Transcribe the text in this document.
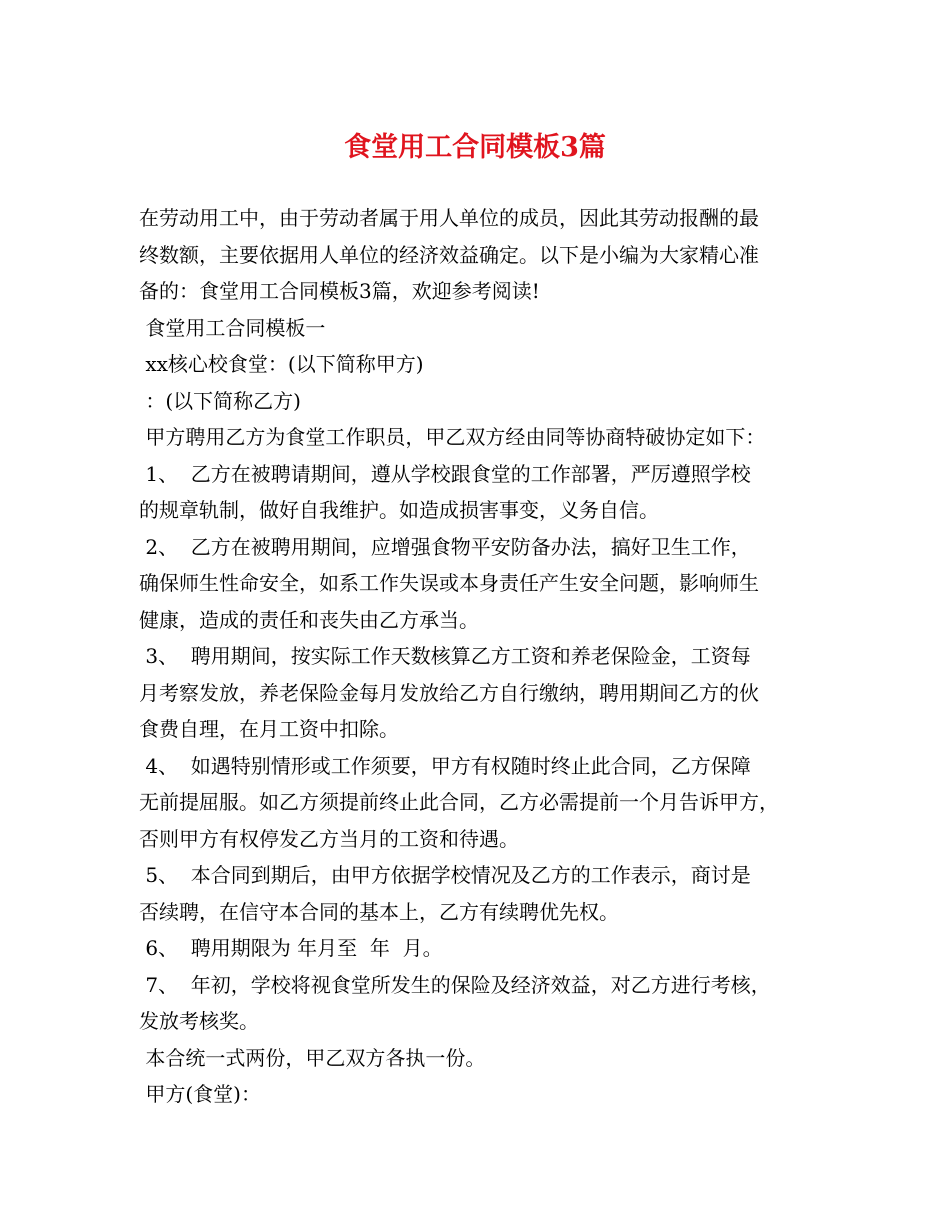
食堂用工合同模板3篇
在劳动用工中，由于劳动者属于用人单位的成员，因此其劳动报酬的最
终数额，主要依据用人单位的经济效益确定。以下是小编为大家精心准
备的：食堂用工合同模板3篇，欢迎参考阅读!
食堂用工合同模板一
xx核心校食堂：(以下简称甲方)
：(以下简称乙方)
甲方聘用乙方为食堂工作职员，甲乙双方经由同等协商特破协定如下：
1、  乙方在被聘请期间，遵从学校跟食堂的工作部署，严厉遵照学校
的规章轨制，做好自我维护。如造成损害事变，义务自信。
2、  乙方在被聘用期间，应增强食物平安防备办法，搞好卫生工作，
确保师生性命安全，如系工作失误或本身责任产生安全问题，影响师生
健康，造成的责任和丧失由乙方承当。
3、  聘用期间，按实际工作天数核算乙方工资和养老保险金，工资每
月考察发放，养老保险金每月发放给乙方自行缴纳，聘用期间乙方的伙
食费自理，在月工资中扣除。
4、  如遇特别情形或工作须要，甲方有权随时终止此合同，乙方保障
无前提屈服。如乙方须提前终止此合同，乙方必需提前一个月告诉甲方，
否则甲方有权停发乙方当月的工资和待遇。
5、  本合同到期后，由甲方依据学校情况及乙方的工作表示，商讨是
否续聘，在信守本合同的基本上，乙方有续聘优先权。
6、  聘用期限为 年月至  年  月。
7、  年初，学校将视食堂所发生的保险及经济效益，对乙方进行考核，
发放考核奖。
本合统一式两份，甲乙双方各执一份。
甲方(食堂)：
